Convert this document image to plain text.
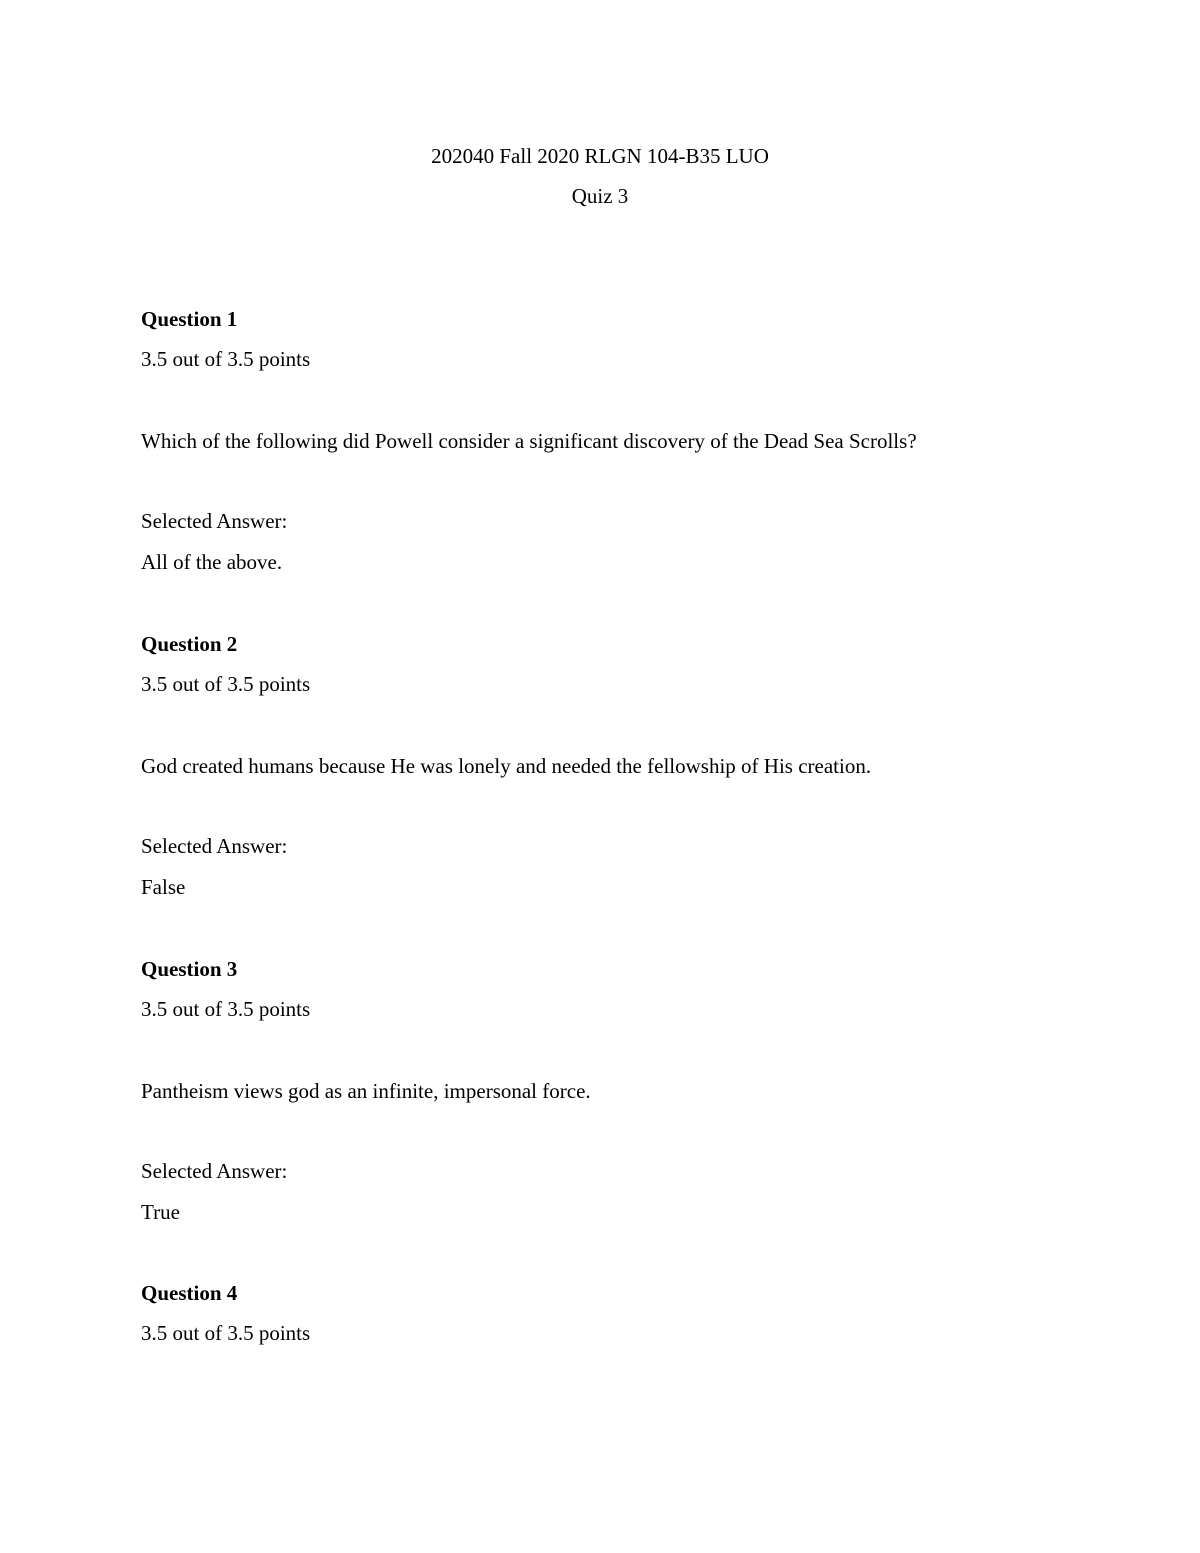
202040 Fall 2020 RLGN 104-B35 LUO
Quiz 3
Question 1
3.5 out of 3.5 points
Which of the following did Powell consider a significant discovery of the Dead Sea Scrolls?
Selected Answer:
All of the above.
Question 2
3.5 out of 3.5 points
God created humans because He was lonely and needed the fellowship of His creation.
Selected Answer:
False
Question 3
3.5 out of 3.5 points
Pantheism views god as an infinite, impersonal force.
Selected Answer:
True
Question 4
3.5 out of 3.5 points
